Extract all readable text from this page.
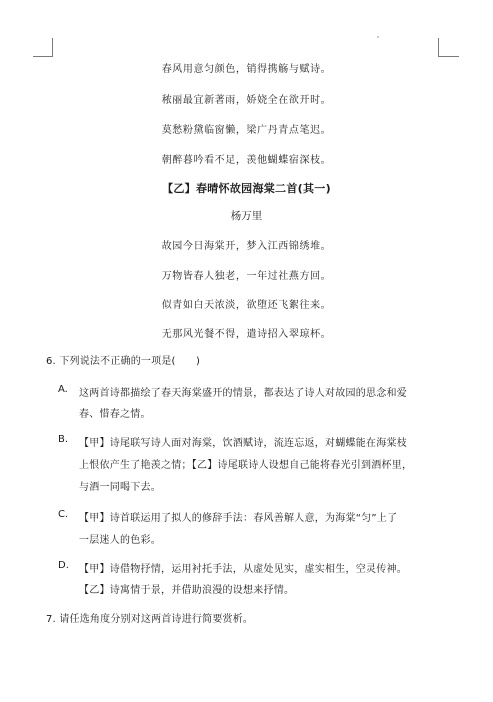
春风用意匀颜色，销得携觞与赋诗。
秾丽最宜新著雨，娇娆全在欲开时。
莫愁粉黛临窗懒，梁广丹青点笔迟。
朝醉暮吟看不足，羡他蝴蝶宿深枝。
【乙】春晴怀故园海棠二首(其一)
杨万里
故园今日海棠开，梦入江西锦绣堆。
万物皆春人独老，一年过社燕方回。
似青如白天浓淡，欲堕还飞絮往来。
无那风光餐不得，遣诗招入翠琼杯。
6. 下列说法不正确的一项是(　　)
A. 这两首诗都描绘了春天海棠盛开的情景，都表达了诗人对故园的思念和爱
春、惜春之情。
B. 【甲】诗尾联写诗人面对海棠，饮酒赋诗，流连忘返，对蝴蝶能在海棠枝
上恨依产生了艳羡之情；【乙】诗尾联诗人设想自己能将春光引到酒杯里，
与酒一同喝下去。
C. 【甲】诗首联运用了拟人的修辞手法：春风善解人意，为海棠“匀”上了
一层迷人的色彩。
D. 【甲】诗借物抒情，运用衬托手法，从虚处见实，虚实相生，空灵传神。
【乙】诗寓情于景，并借助浪漫的设想来抒情。
7. 请任选角度分别对这两首诗进行简要赏析。
